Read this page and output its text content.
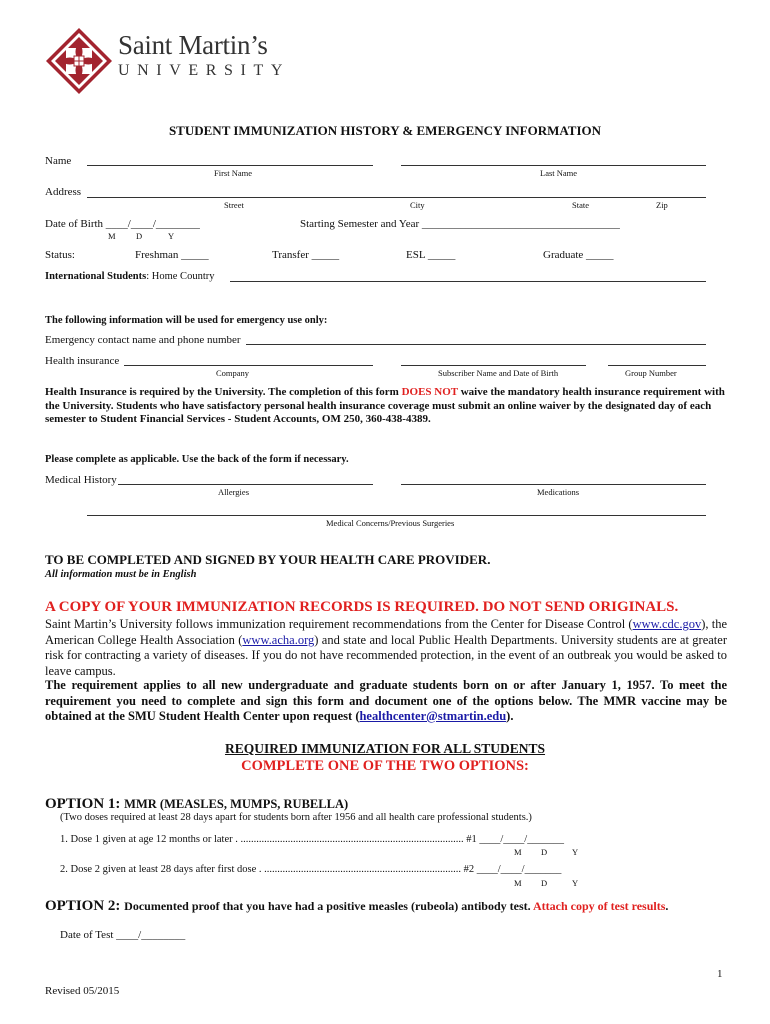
Saint Martin’s
UNIVERSITY
STUDENT IMMUNIZATION HISTORY & EMERGENCY INFORMATION
Name
First Name	Last Name
Address
Street	City	State	Zip
Date of Birth ____/____/________
M D	Y
Starting Semester and Year ____________________________________
Status:	Freshman _____	Transfer _____	ESL _____	Graduate _____
International Students: Home Country
The following information will be used for emergency use only:
Emergency contact name and phone number
Health insurance
Company	Subscriber Name and Date of Birth	Group Number
Health Insurance is required by the University. The completion of this form DOES NOT waive the mandatory health insurance requirement with the University. Students who have satisfactory personal health insurance coverage must submit an online waiver by the designated day of each semester to Student Financial Services - Student Accounts, OM 250, 360-438-4389.
Please complete as applicable. Use the back of the form if necessary.
Medical History
Allergies	Medications
Medical Concerns/Previous Surgeries
TO BE COMPLETED AND SIGNED BY YOUR HEALTH CARE PROVIDER.
All information must be in English
A COPY OF YOUR IMMUNIZATION RECORDS IS REQUIRED. DO NOT SEND ORIGINALS.
Saint Martin’s University follows immunization requirement recommendations from the Center for Disease Control (www.cdc.gov), the American College Health Association (www.acha.org) and state and local Public Health Departments. University students are at greater risk for contracting a variety of diseases. If you do not have recommended protection, in the event of an outbreak you would be asked to leave campus.
The requirement applies to all new undergraduate and graduate students born on or after January 1, 1957. To meet the requirement you need to complete and sign this form and document one of the options below. The MMR vaccine may be obtained at the SMU Student Health Center upon request (healthcenter@stmartin.edu).
REQUIRED IMMUNIZATION FOR ALL STUDENTS
COMPLETE ONE OF THE TWO OPTIONS:
OPTION 1: MMR (MEASLES, MUMPS, RUBELLA)
(Two doses required at least 28 days apart for students born after 1956 and all health care professional students.)
1. Dose 1 given at age 12 months or later . ..................................................................................... #1 ____/____/_______
M D	Y
2. Dose 2 given at least 28 days after first dose . ........................................................................... #2 ____/____/_______
M D	Y
OPTION 2: Documented proof that you have had a positive measles (rubeola) antibody test. Attach copy of test results.
Date of Test ____/________
1
Revised 05/2015
